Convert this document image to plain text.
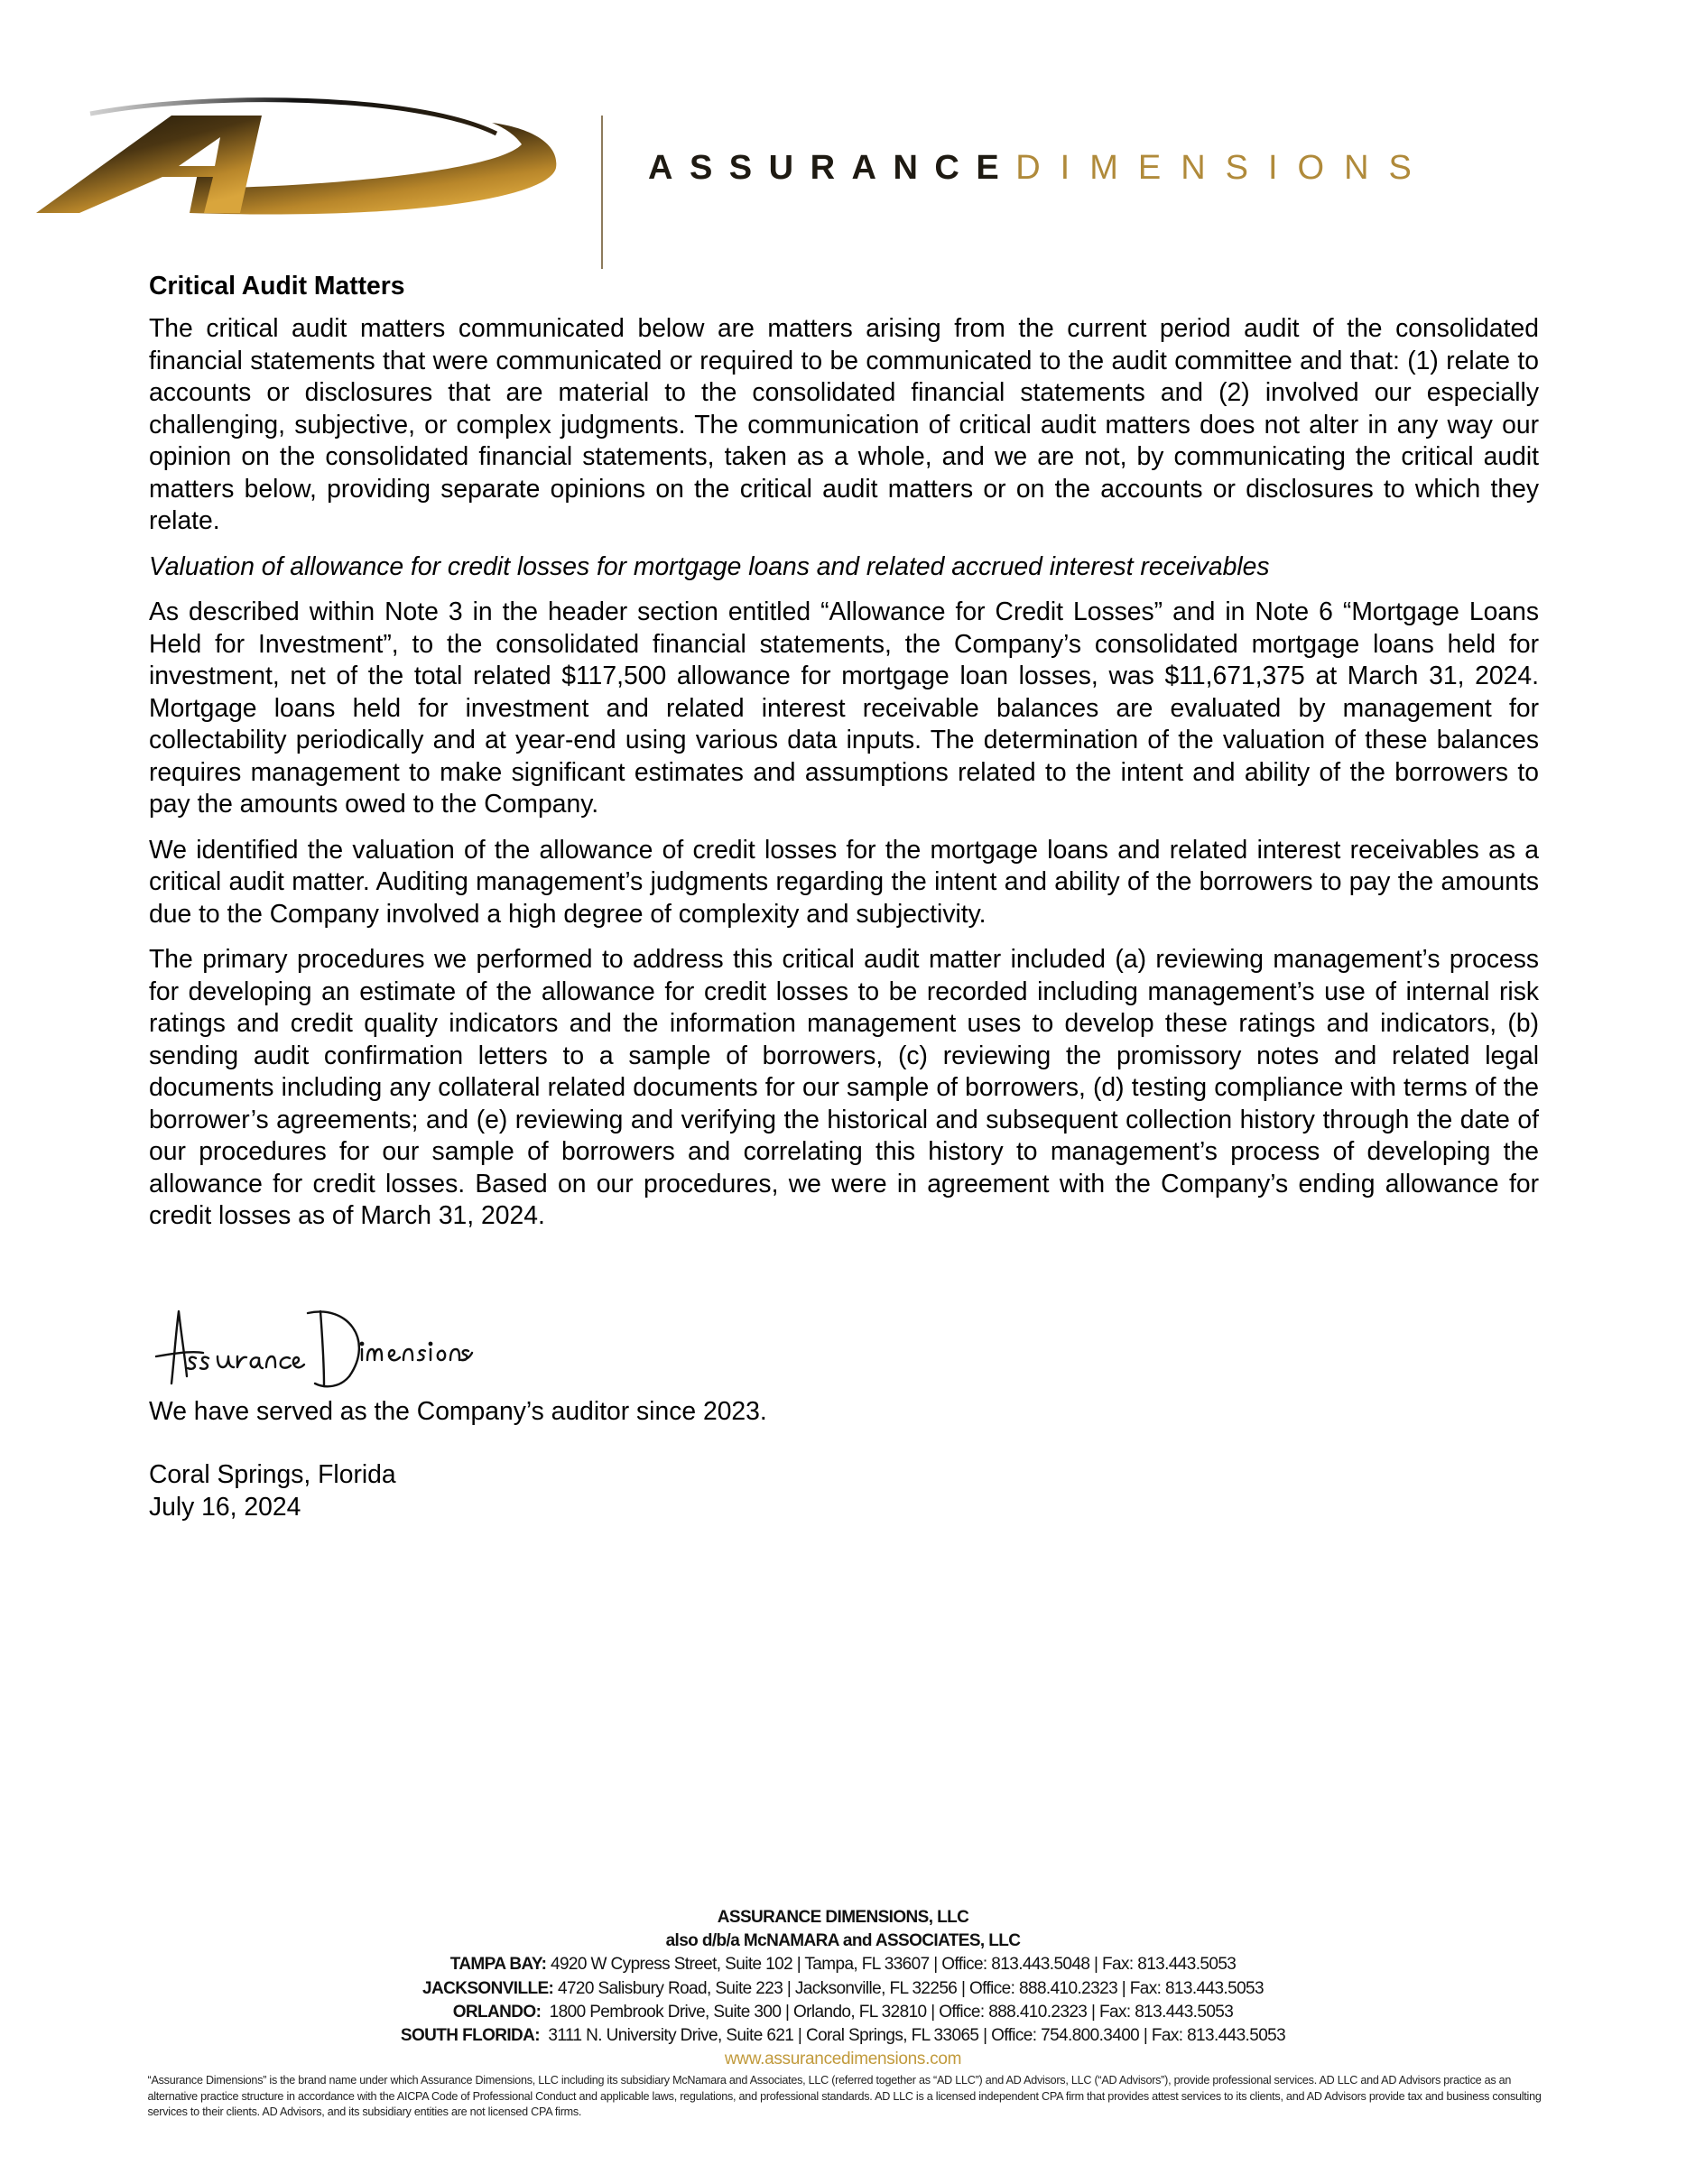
ASSURANCEDIMENSIONS
Critical Audit Matters

The critical audit matters communicated below are matters arising from the current period audit of the consolidated financial statements that were communicated or required to be communicated to the audit committee and that: (1) relate to accounts or disclosures that are material to the consolidated financial statements and (2) involved our especially challenging, subjective, or complex judgments. The communication of critical audit matters does not alter in any way our opinion on the consolidated financial statements, taken as a whole, and we are not, by communicating the critical audit matters below, providing separate opinions on the critical audit matters or on the accounts or disclosures to which they relate.

Valuation of allowance for credit losses for mortgage loans and related accrued interest receivables

As described within Note 3 in the header section entitled “Allowance for Credit Losses” and in Note 6 “Mortgage Loans Held for Investment”, to the consolidated financial statements, the Company’s consolidated mortgage loans held for investment, net of the total related $117,500 allowance for mortgage loan losses, was $11,671,375 at March 31, 2024. Mortgage loans held for investment and related interest receivable balances are evaluated by management for collectability periodically and at year-end using various data inputs. The determination of the valuation of these balances requires management to make significant estimates and assumptions related to the intent and ability of the borrowers to pay the amounts owed to the Company.

We identified the valuation of the allowance of credit losses for the mortgage loans and related interest receivables as a critical audit matter. Auditing management’s judgments regarding the intent and ability of the borrowers to pay the amounts due to the Company involved a high degree of complexity and subjectivity.

The primary procedures we performed to address this critical audit matter included (a) reviewing management’s process for developing an estimate of the allowance for credit losses to be recorded including management’s use of internal risk ratings and credit quality indicators and the information management uses to develop these ratings and indicators, (b) sending audit confirmation letters to a sample of borrowers, (c) reviewing the promissory notes and related legal documents including any collateral related documents for our sample of borrowers, (d) testing compliance with terms of the borrower’s agreements; and (e) reviewing and verifying the historical and subsequent collection history through the date of our procedures for our sample of borrowers and correlating this history to management’s process of developing the allowance for credit losses. Based on our procedures, we were in agreement with the Company’s ending allowance for credit losses as of March 31, 2024.

We have served as the Company’s auditor since 2023.
Coral Springs, Florida
July 16, 2024
ASSURANCE DIMENSIONS, LLC
also d/b/a McNAMARA and ASSOCIATES, LLC
TAMPA BAY: 4920 W Cypress Street, Suite 102 | Tampa, FL 33607 | Office: 813.443.5048 | Fax: 813.443.5053
JACKSONVILLE: 4720 Salisbury Road, Suite 223 | Jacksonville, FL 32256 | Office: 888.410.2323 | Fax: 813.443.5053
ORLANDO:  1800 Pembrook Drive, Suite 300 | Orlando, FL 32810 | Office: 888.410.2323 | Fax: 813.443.5053
SOUTH FLORIDA:  3111 N. University Drive, Suite 621 | Coral Springs, FL 33065 | Office: 754.800.3400 | Fax: 813.443.5053
www.assurancedimensions.com
“Assurance Dimensions” is the brand name under which Assurance Dimensions, LLC including its subsidiary McNamara and Associates, LLC (referred together as “AD LLC”) and AD Advisors, LLC (“AD Advisors”), provide professional services. AD LLC and AD Advisors practice as an alternative practice structure in accordance with the AICPA Code of Professional Conduct and applicable laws, regulations, and professional standards. AD LLC is a licensed independent CPA firm that provides attest services to its clients, and AD Advisors provide tax and business consulting services to their clients. AD Advisors, and its subsidiary entities are not licensed CPA firms.
